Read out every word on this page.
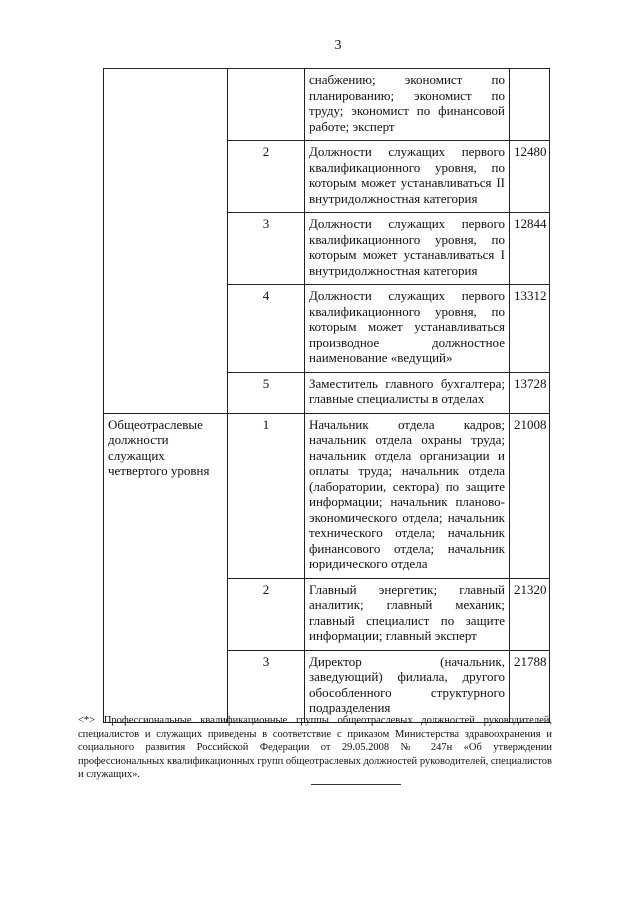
3
		снабжению; экономист по планированию; экономист по труду; экономист по финансовой работе; эксперт	
	2	Должности служащих первого квалификационного уровня, по которым может устанавливаться II внутридолжностная категория	12480
	3	Должности служащих первого квалификационного уровня, по которым может устанавливаться I внутридолжностная категория	12844
	4	Должности служащих первого квалификационного уровня, по которым может устанавливаться производное должностное наименование «ведущий»	13312
	5	Заместитель главного бухгалтера; главные специалисты в отделах	13728
Общеотраслевые должности служащих четвертого уровня	1	Начальник отдела кадров; начальник отдела охраны труда; начальник отдела организации и оплаты труда; начальник отдела (лаборатории, сектора) по защите информации; начальник планово-экономического отдела; начальник технического отдела; начальник финансового отдела; начальник юридического отдела	21008
	2	Главный энергетик; главный аналитик; главный механик; главный специалист по защите информации; главный эксперт	21320
	3	Директор (начальник, заведующий) филиала, другого обособленного структурного подразделения	21788
<*> Профессиональные квалификационные группы общеотраслевых должностей руководителей, специалистов и служащих приведены в соответствие с приказом Министерства здравоохранения и социального развития Российской Федерации от 29.05.2008 № 247н «Об утверждении профессиональных квалификационных групп общеотраслевых должностей руководителей, специалистов и служащих».
